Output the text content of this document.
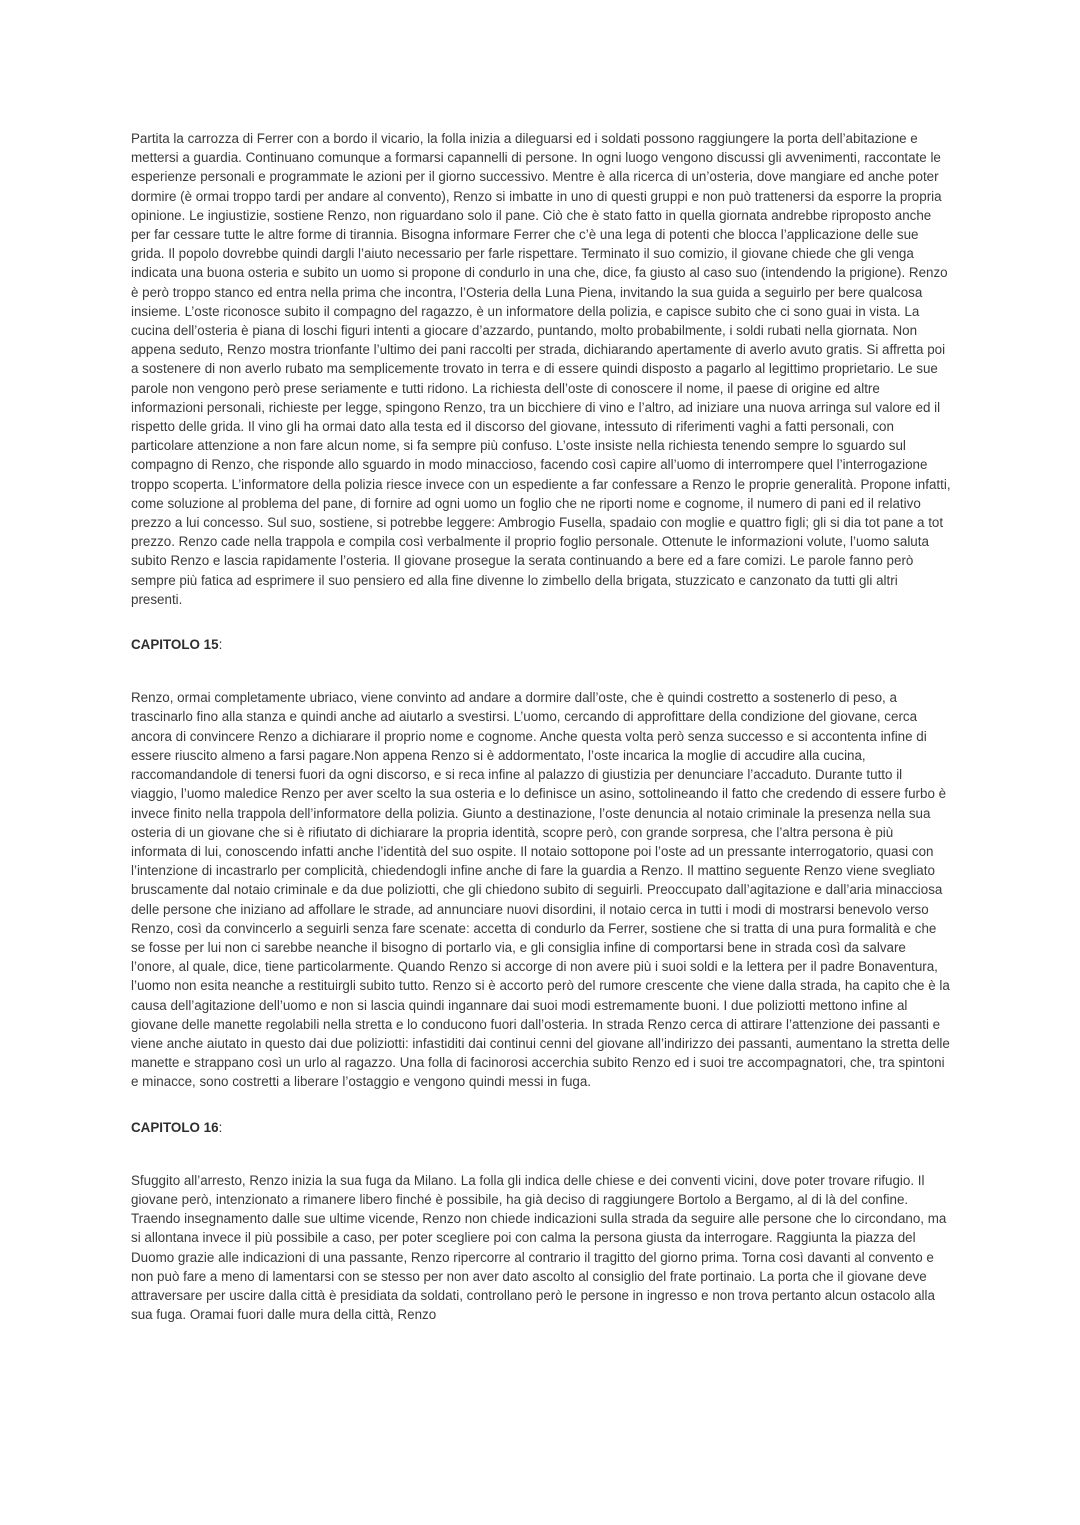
Partita la carrozza di Ferrer con a bordo il vicario, la folla inizia a dileguarsi ed i soldati possono raggiungere la porta dell’abitazione e mettersi a guardia. Continuano comunque a formarsi capannelli di persone. In ogni luogo vengono discussi gli avvenimenti, raccontate le esperienze personali e programmate le azioni per il giorno successivo. Mentre è alla ricerca di un’osteria, dove mangiare ed anche poter dormire (è ormai troppo tardi per andare al convento), Renzo si imbatte in uno di questi gruppi e non può trattenersi da esporre la propria opinione. Le ingiustizie, sostiene Renzo, non riguardano solo il pane. Ciò che è stato fatto in quella giornata andrebbe riproposto anche per far cessare tutte le altre forme di tirannia. Bisogna informare Ferrer che c’è una lega di potenti che blocca l’applicazione delle sue grida. Il popolo dovrebbe quindi dargli l’aiuto necessario per farle rispettare. Terminato il suo comizio, il giovane chiede che gli venga indicata una buona osteria e subito un uomo si propone di condurlo in una che, dice, fa giusto al caso suo (intendendo la prigione). Renzo è però troppo stanco ed entra nella prima che incontra, l’Osteria della Luna Piena, invitando la sua guida a seguirlo per bere qualcosa insieme. L’oste riconosce subito il compagno del ragazzo, è un informatore della polizia, e capisce subito che ci sono guai in vista. La cucina dell’osteria è piana di loschi figuri intenti a giocare d’azzardo, puntando, molto probabilmente, i soldi rubati nella giornata. Non appena seduto, Renzo mostra trionfante l’ultimo dei pani raccolti per strada, dichiarando apertamente di averlo avuto gratis. Si affretta poi a sostenere di non averlo rubato ma semplicemente trovato in terra e di essere quindi disposto a pagarlo al legittimo proprietario. Le sue parole non vengono però prese seriamente e tutti ridono. La richiesta dell’oste di conoscere il nome, il paese di origine ed altre informazioni personali, richieste per legge, spingono Renzo, tra un bicchiere di vino e l’altro, ad iniziare una nuova arringa sul valore ed il rispetto delle grida. Il vino gli ha ormai dato alla testa ed il discorso del giovane, intessuto di riferimenti vaghi a fatti personali, con particolare attenzione a non fare alcun nome, si fa sempre più confuso. L’oste insiste nella richiesta tenendo sempre lo sguardo sul compagno di Renzo, che risponde allo sguardo in modo minaccioso, facendo così capire all’uomo di interrompere quel l’interrogazione troppo scoperta. L’informatore della polizia riesce invece con un espediente a far confessare a Renzo le proprie generalità. Propone infatti, come soluzione al problema del pane, di fornire ad ogni uomo un foglio che ne riporti nome e cognome, il numero di pani ed il relativo prezzo a lui concesso. Sul suo, sostiene, si potrebbe leggere: Ambrogio Fusella, spadaio con moglie e quattro figli; gli si dia tot pane a tot prezzo. Renzo cade nella trappola e compila così verbalmente il proprio foglio personale. Ottenute le informazioni volute, l’uomo saluta subito Renzo e lascia rapidamente l’osteria. Il giovane prosegue la serata continuando a bere ed a fare comizi. Le parole fanno però sempre più fatica ad esprimere il suo pensiero ed alla fine divenne lo zimbello della brigata, stuzzicato e canzonato da tutti gli altri presenti.

CAPITOLO 15:

Renzo, ormai completamente ubriaco, viene convinto ad andare a dormire dall’oste, che è quindi costretto a sostenerlo di peso, a trascinarlo fino alla stanza e quindi anche ad aiutarlo a svestirsi. L’uomo, cercando di approfittare della condizione del giovane, cerca ancora di convincere Renzo a dichiarare il proprio nome e cognome. Anche questa volta però senza successo e si accontenta infine di essere riuscito almeno a farsi pagare.Non appena Renzo si è addormentato, l’oste incarica la moglie di accudire alla cucina, raccomandandole di tenersi fuori da ogni discorso, e si reca infine al palazzo di giustizia per denunciare l’accaduto. Durante tutto il viaggio, l’uomo maledice Renzo per aver scelto la sua osteria e lo definisce un asino, sottolineando il fatto che credendo di essere furbo è invece finito nella trappola dell’informatore della polizia. Giunto a destinazione, l’oste denuncia al notaio criminale la presenza nella sua osteria di un giovane che si è rifiutato di dichiarare la propria identità, scopre però, con grande sorpresa, che l’altra persona è più informata di lui, conoscendo infatti anche l’identità del suo ospite. Il notaio sottopone poi l’oste ad un pressante interrogatorio, quasi con l’intenzione di incastrarlo per complicità, chiedendogli infine anche di fare la guardia a Renzo. Il mattino seguente Renzo viene svegliato bruscamente dal notaio criminale e da due poliziotti, che gli chiedono subito di seguirli. Preoccupato dall’agitazione e dall’aria minacciosa delle persone che iniziano ad affollare le strade, ad annunciare nuovi disordini, il notaio cerca in tutti i modi di mostrarsi benevolo verso Renzo, così da convincerlo a seguirli senza fare scenate: accetta di condurlo da Ferrer, sostiene che si tratta di una pura formalità e che se fosse per lui non ci sarebbe neanche il bisogno di portarlo via, e gli consiglia infine di comportarsi bene in strada così da salvare l’onore, al quale, dice, tiene particolarmente. Quando Renzo si accorge di non avere più i suoi soldi e la lettera per il padre Bonaventura, l’uomo non esita neanche a restituirgli subito tutto. Renzo si è accorto però del rumore crescente che viene dalla strada, ha capito che è la causa dell’agitazione dell’uomo e non si lascia quindi ingannare dai suoi modi estremamente buoni. I due poliziotti mettono infine al giovane delle manette regolabili nella stretta e lo conducono fuori dall’osteria. In strada Renzo cerca di attirare l’attenzione dei passanti e viene anche aiutato in questo dai due poliziotti: infastiditi dai continui cenni del giovane all’indirizzo dei passanti, aumentano la stretta delle manette e strappano così un urlo al ragazzo. Una folla di facinorosi accerchia subito Renzo ed i suoi tre accompagnatori, che, tra spintoni e minacce, sono costretti a liberare l’ostaggio e vengono quindi messi in fuga.

CAPITOLO 16:

Sfuggito all’arresto, Renzo inizia la sua fuga da Milano. La folla gli indica delle chiese e dei conventi vicini, dove poter trovare rifugio. Il giovane però, intenzionato a rimanere libero finché è possibile, ha già deciso di raggiungere Bortolo a Bergamo, al di là del confine. Traendo insegnamento dalle sue ultime vicende, Renzo non chiede indicazioni sulla strada da seguire alle persone che lo circondano, ma si allontana invece il più possibile a caso, per poter scegliere poi con calma la persona giusta da interrogare. Raggiunta la piazza del Duomo grazie alle indicazioni di una passante, Renzo ripercorre al contrario il tragitto del giorno prima. Torna così davanti al convento e non può fare a meno di lamentarsi con se stesso per non aver dato ascolto al consiglio del frate portinaio. La porta che il giovane deve attraversare per uscire dalla città è presidiata da soldati, controllano però le persone in ingresso e non trova pertanto alcun ostacolo alla sua fuga. Oramai fuori dalle mura della città, Renzo
